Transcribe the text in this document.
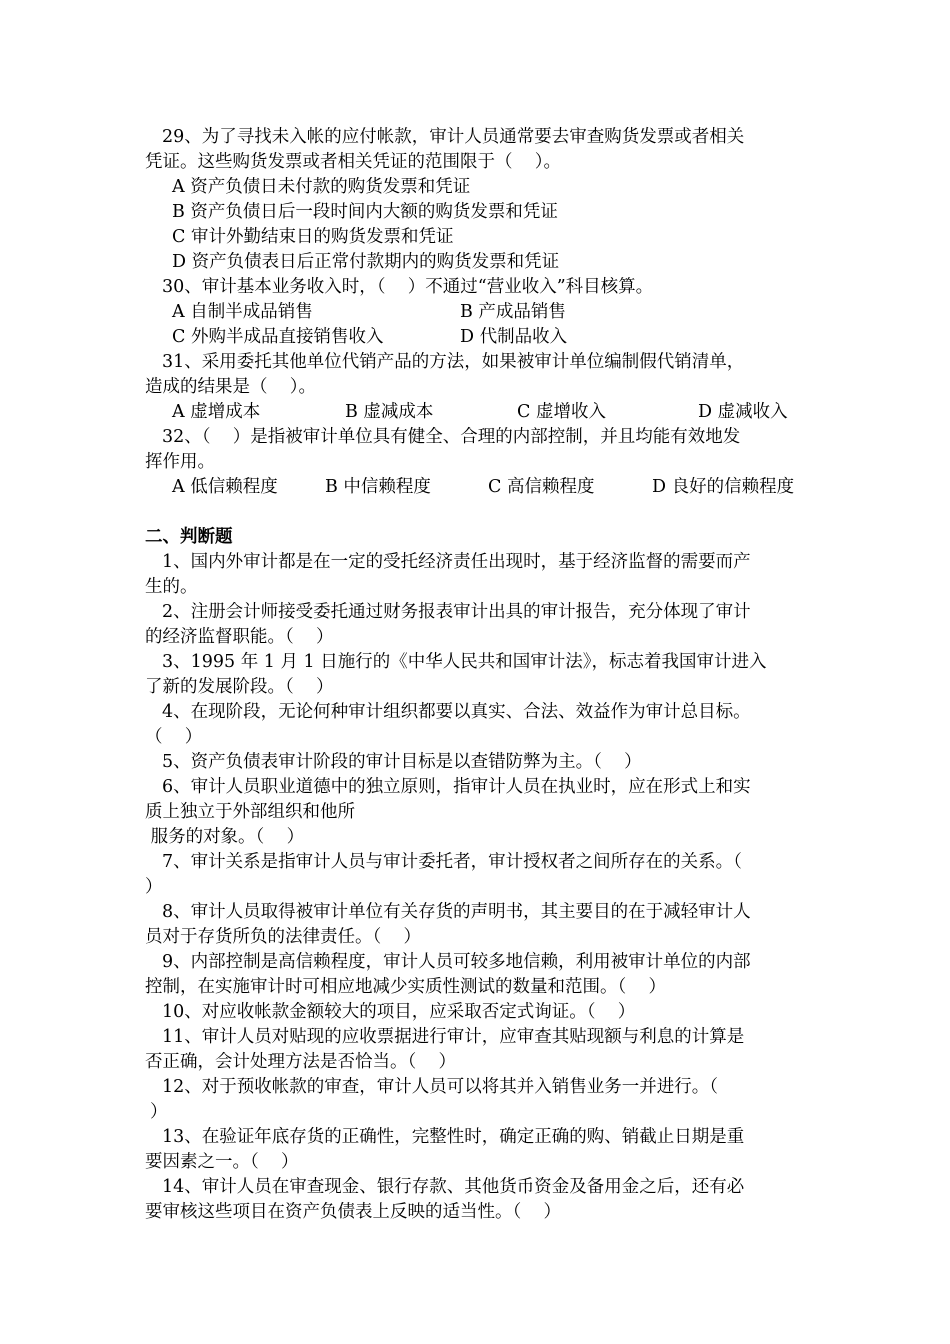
29、为了寻找未入帐的应付帐款，审计人员通常要去审查购货发票或者相关
凭证。这些购货发票或者相关凭证的范围限于（    ）。
A 资产负债日未付款的购货发票和凭证
B 资产负债日后一段时间内大额的购货发票和凭证
C 审计外勤结束日的购货发票和凭证
D 资产负债表日后正常付款期内的购货发票和凭证
30、审计基本业务收入时，（    ）不通过“营业收入”科目核算。
A 自制半成品销售	B 产成品销售
C 外购半成品直接销售收入	D 代制品收入
31、采用委托其他单位代销产品的方法，如果被审计单位编制假代销清单，
造成的结果是（    ）。
A 虚增成本	B 虚减成本	C 虚增收入	D 虚减收入
32、（    ）是指被审计单位具有健全、合理的内部控制，并且均能有效地发
挥作用。
A 低信赖程度	B 中信赖程度	C 高信赖程度	D 良好的信赖程度
二、判断题
1、国内外审计都是在一定的受托经济责任出现时，基于经济监督的需要而产
生的。
2、注册会计师接受委托通过财务报表审计出具的审计报告，充分体现了审计
的经济监督职能。（    ）
3、1995 年 1 月 1 日施行的《中华人民共和国审计法》，标志着我国审计进入
了新的发展阶段。（    ）
4、在现阶段，无论何种审计组织都要以真实、合法、效益作为审计总目标。
（    ）
5、资产负债表审计阶段的审计目标是以查错防弊为主。（    ）
6、审计人员职业道德中的独立原则，指审计人员在执业时，应在形式上和实
质上独立于外部组织和他所
服务的对象。（    ）
7、审计关系是指审计人员与审计委托者，审计授权者之间所存在的关系。（
）
8、审计人员取得被审计单位有关存货的声明书，其主要目的在于减轻审计人
员对于存货所负的法律责任。（    ）
9、内部控制是高信赖程度，审计人员可较多地信赖，利用被审计单位的内部
控制，在实施审计时可相应地减少实质性测试的数量和范围。（    ）
10、对应收帐款金额较大的项目，应采取否定式询证。（    ）
11、审计人员对贴现的应收票据进行审计，应审查其贴现额与利息的计算是
否正确，会计处理方法是否恰当。（    ）
12、对于预收帐款的审查，审计人员可以将其并入销售业务一并进行。（
）
13、在验证年底存货的正确性，完整性时，确定正确的购、销截止日期是重
要因素之一。（    ）
14、审计人员在审查现金、银行存款、其他货币资金及备用金之后，还有必
要审核这些项目在资产负债表上反映的适当性。（    ）
